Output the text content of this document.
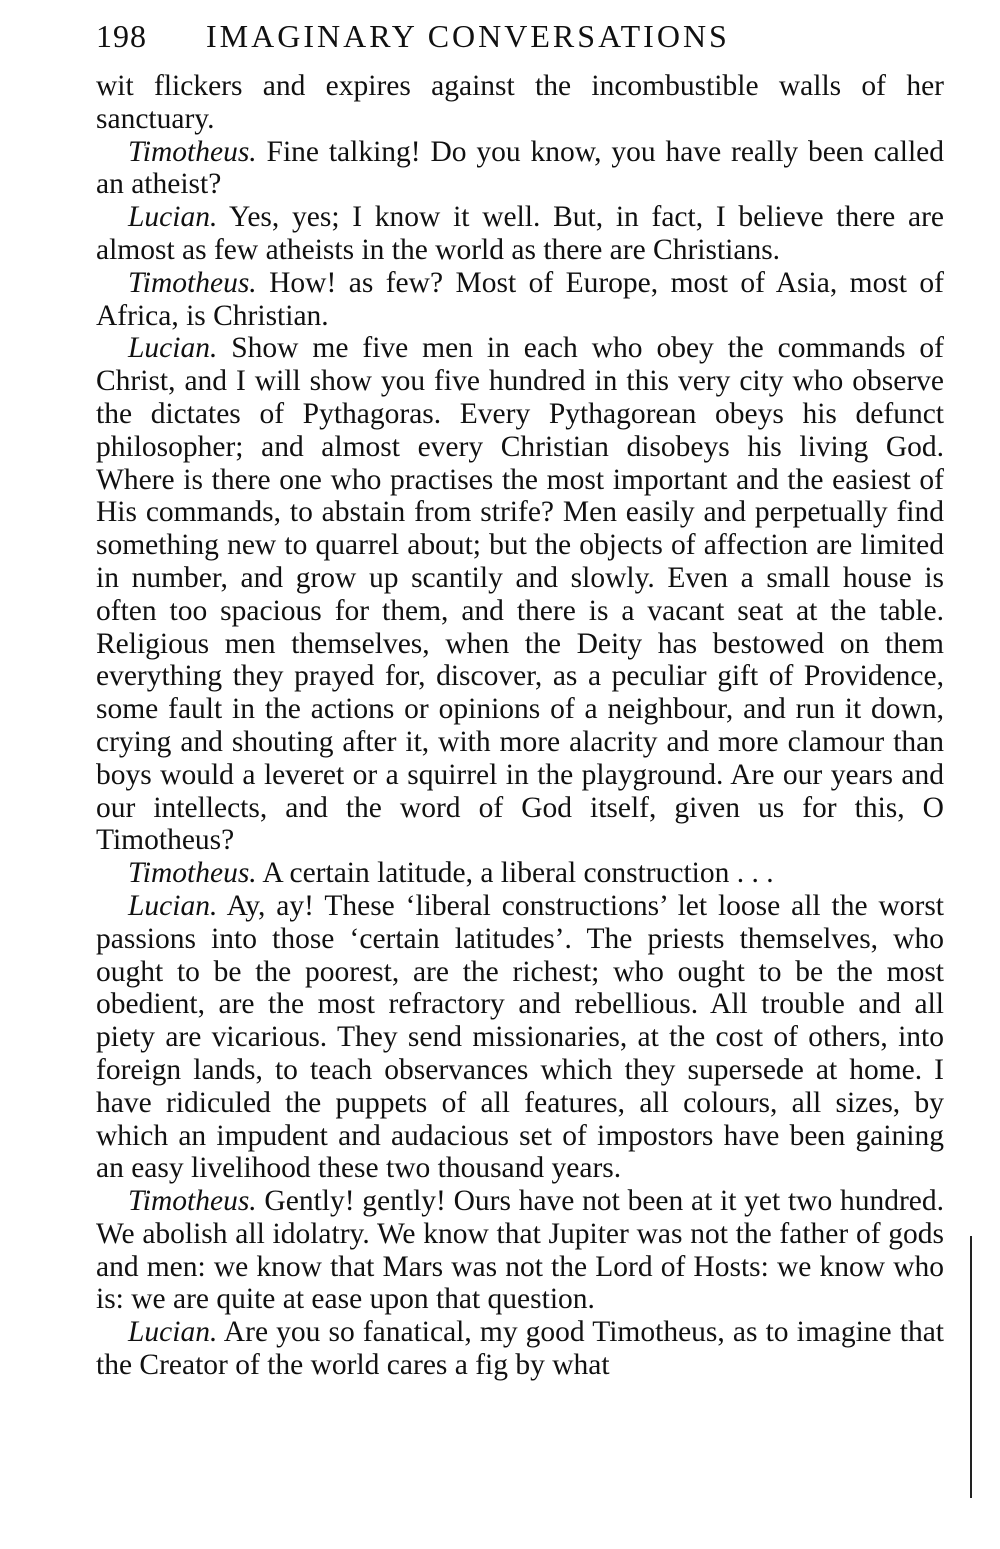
198 IMAGINARY CONVERSATIONS

wit flickers and expires against the incombustible walls of her sanctuary.

Timotheus. Fine talking! Do you know, you have really been called an atheist?

Lucian. Yes, yes; I know it well. But, in fact, I believe there are almost as few atheists in the world as there are Christians.

Timotheus. How! as few? Most of Europe, most of Asia, most of Africa, is Christian.

Lucian. Show me five men in each who obey the commands of Christ, and I will show you five hundred in this very city who observe the dictates of Pythagoras. Every Pythagorean obeys his defunct philosopher; and almost every Christian disobeys his living God. Where is there one who practises the most important and the easiest of His commands, to abstain from strife? Men easily and perpetually find something new to quarrel about; but the objects of affection are limited in number, and grow up scantily and slowly. Even a small house is often too spacious for them, and there is a vacant seat at the table. Religious men themselves, when the Deity has bestowed on them everything they prayed for, discover, as a peculiar gift of Providence, some fault in the actions or opinions of a neighbour, and run it down, crying and shouting after it, with more alacrity and more clamour than boys would a leveret or a squirrel in the playground. Are our years and our intellects, and the word of God itself, given us for this, O Timotheus?

Timotheus. A certain latitude, a liberal construction . . .

Lucian. Ay, ay! These ‘liberal constructions’ let loose all the worst passions into those ‘certain latitudes’. The priests themselves, who ought to be the poorest, are the richest; who ought to be the most obedient, are the most refractory and rebellious. All trouble and all piety are vicarious. They send missionaries, at the cost of others, into foreign lands, to teach observances which they supersede at home. I have ridiculed the puppets of all features, all colours, all sizes, by which an impudent and audacious set of impostors have been gaining an easy livelihood these two thousand years.

Timotheus. Gently! gently! Ours have not been at it yet two hundred. We abolish all idolatry. We know that Jupiter was not the father of gods and men: we know that Mars was not the Lord of Hosts: we know who is: we are quite at ease upon that question.

Lucian. Are you so fanatical, my good Timotheus, as to imagine that the Creator of the world cares a fig by what
